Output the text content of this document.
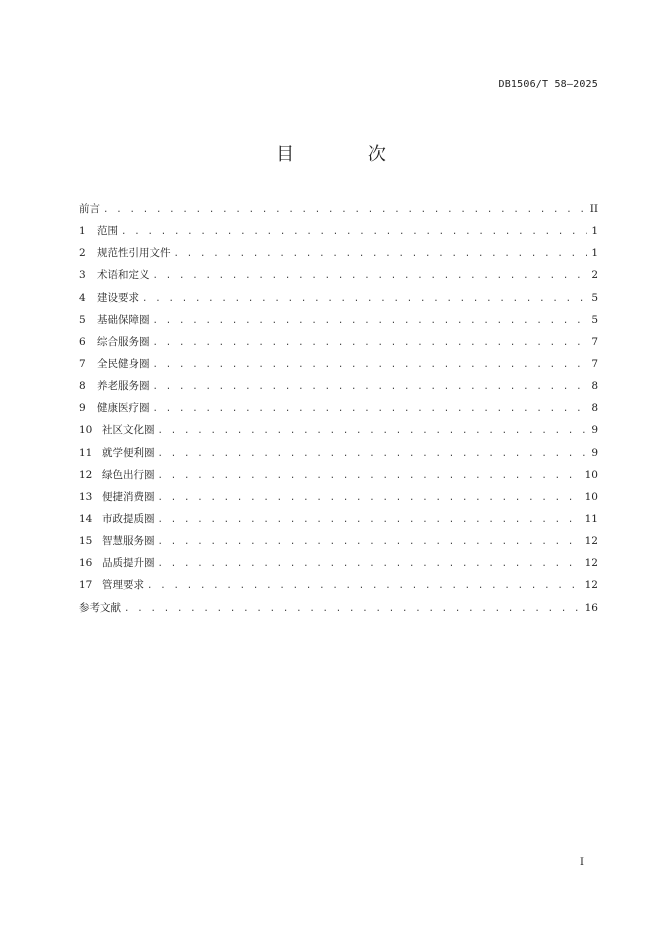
DB1506/T 58—2025
目 次
前言 . . .	II
1	范围 . . .	1
2	规范性引用文件 . . .	1
3	术语和定义 . . .	2
4	建设要求 . . .	5
5	基础保障圈 . . .	5
6	综合服务圈 . . .	7
7	全民健身圈 . . .	7
8	养老服务圈 . . .	8
9	健康医疗圈 . . .	8
10 社区文化圈 . . .	9
11 就学便利圈 . . .	9
12 绿色出行圈 . . .	10
13 便捷消费圈 . . .	10
14 市政提质圈 . . .	11
15 智慧服务圈 . . .	12
16 品质提升圈 . . .	12
17 管理要求 . . .	12
参考文献 . . .	16
I
